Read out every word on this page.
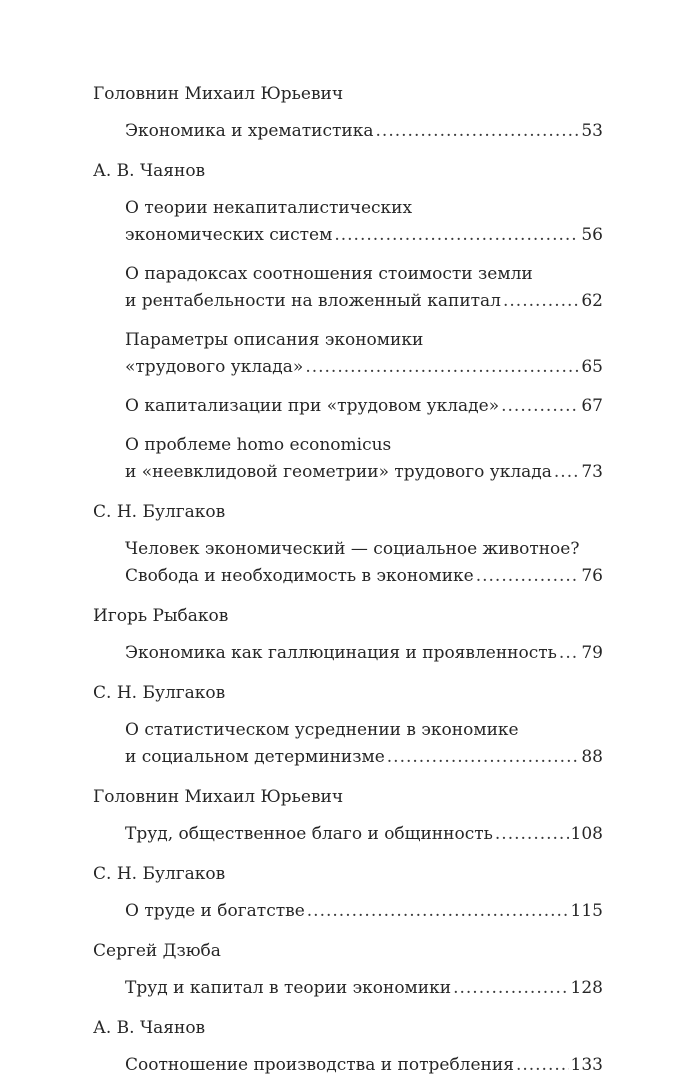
Головнин Михаил Юрьевич
Экономика и хрематистика .....	53
А. В. Чаянов
О теории некапиталистических
экономических систем .....	56
О парадоксах соотношения стоимости земли
и рентабельности на вложенный капитал .....	62
Параметры описания экономики
«трудового уклада» .....	65
О капитализации при «трудовом укладе» .....	67
О проблеме homo economicus
и «неевклидовой геометрии» трудового уклада ..... 73
С. Н. Булгаков
Человек экономический — социальное животное?
Свобода и необходимость в экономике .....	76
Игорь Рыбаков
Экономика как галлюцинация и проявленность ..... 79
С. Н. Булгаков
О статистическом усреднении в экономике
и социальном детерминизме .....	88
Головнин Михаил Юрьевич
Труд, общественное благо и общинность .....	108
С. Н. Булгаков
О труде и богатстве .....	115
Сергей Дзюба
Труд и капитал в теории экономики .....	128
А. В. Чаянов
Соотношение производства и потребления .....	133
